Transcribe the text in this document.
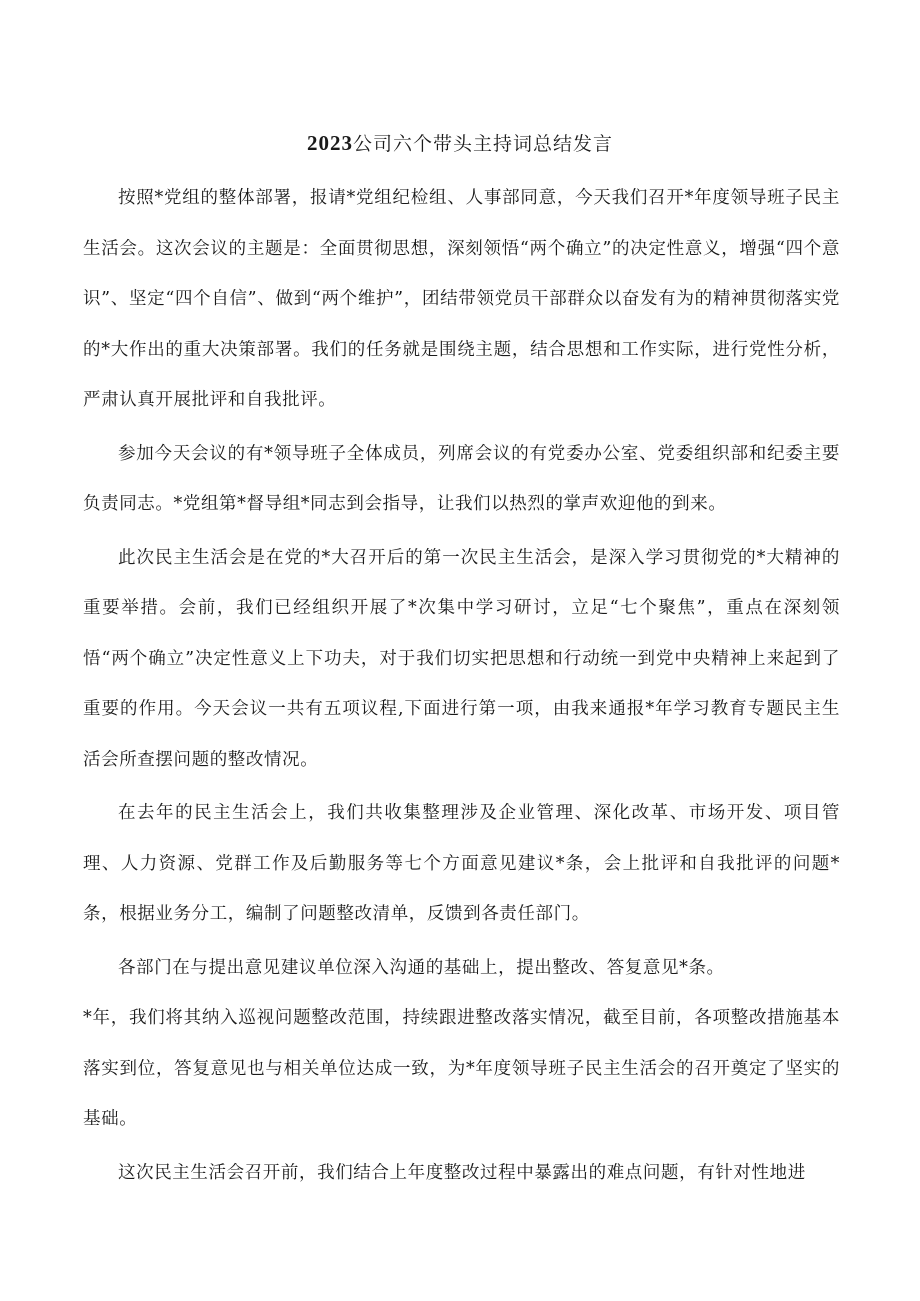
2023公司六个带头主持词总结发言

按照*党组的整体部署，报请*党组纪检组、人事部同意，今天我们召开*年度领导班子民主生活会。这次会议的主题是：全面贯彻思想，深刻领悟“两个确立”的决定性意义，增强“四个意识”、坚定“四个自信”、做到“两个维护”，团结带领党员干部群众以奋发有为的精神贯彻落实党的*大作出的重大决策部署。我们的任务就是围绕主题，结合思想和工作实际，进行党性分析，严肃认真开展批评和自我批评。

参加今天会议的有*领导班子全体成员，列席会议的有党委办公室、党委组织部和纪委主要负责同志。*党组第*督导组*同志到会指导，让我们以热烈的掌声欢迎他的到来。

此次民主生活会是在党的*大召开后的第一次民主生活会，是深入学习贯彻党的*大精神的重要举措。会前，我们已经组织开展了*次集中学习研讨，立足“七个聚焦”，重点在深刻领悟“两个确立”决定性意义上下功夫，对于我们切实把思想和行动统一到党中央精神上来起到了重要的作用。今天会议一共有五项议程,下面进行第一项，由我来通报*年学习教育专题民主生活会所查摆问题的整改情况。

在去年的民主生活会上，我们共收集整理涉及企业管理、深化改革、市场开发、项目管理、人力资源、党群工作及后勤服务等七个方面意见建议*条，会上批评和自我批评的问题*条，根据业务分工，编制了问题整改清单，反馈到各责任部门。

各部门在与提出意见建议单位深入沟通的基础上，提出整改、答复意见*条。

*年，我们将其纳入巡视问题整改范围，持续跟进整改落实情况，截至目前，各项整改措施基本落实到位，答复意见也与相关单位达成一致，为*年度领导班子民主生活会的召开奠定了坚实的基础。

这次民主生活会召开前，我们结合上年度整改过程中暴露出的难点问题，有针对性地进
